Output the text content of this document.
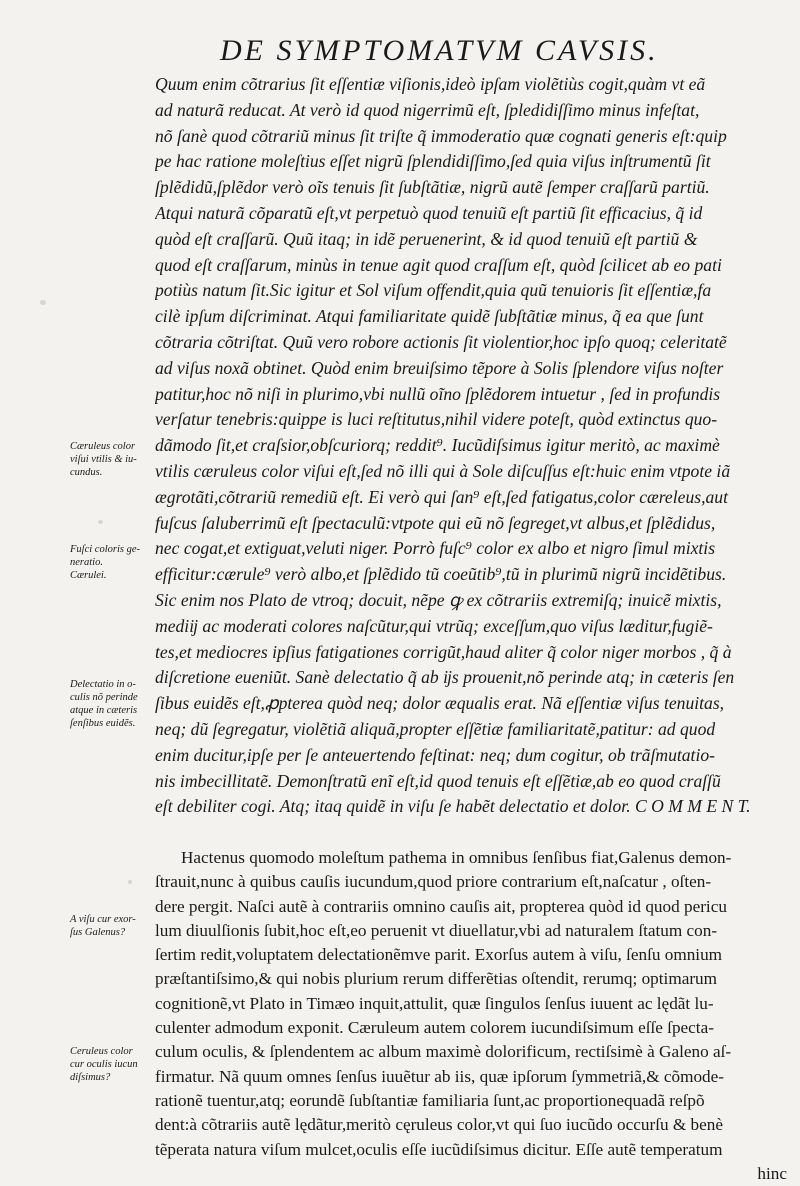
DE SYMPTOMATVM CAVSIS.
Quum enim cõtrarius ſit eſſentiæ viſionis,ideò ipſam violẽtiùs cogit,quàm vt eã
ad naturã reducat. At verò id quod nigerrimũ eſt, ſpledidiſſimo minus infeſtat,
nõ ſanè quod cõtrariũ minus ſit triſte q̃ immoderatio quæ cognati generis eſt:quip
pe hac ratione moleſtius eſſet nigrũ ſplendidiſſimo,ſed quia viſus inſtrumentũ ſit
ſplẽdidũ,ſplẽdor verò oĩs tenuis ſit ſubſtãtiæ, nigrũ autẽ ſemper craſſarũ partiũ.
Atqui naturã cõparatũ eſt,vt perpetuò quod tenuiũ eſt partiũ ſit efficacius, q̃ id
quòd eſt craſſarũ. Quũ itaq; in idẽ peruenerint, & id quod tenuiũ eſt partiũ &
quod eſt craſſarum, minùs in tenue agit quod craſſum eſt, quòd ſcilicet ab eo pati
potiùs natum ſit.Sic igitur et Sol viſum offendit,quia quũ tenuioris ſit eſſentiæ,fa
cilè ipſum diſcriminat. Atqui familiaritate quidẽ ſubſtãtiæ minus, q̃ ea que ſunt
cõtraria cõtriſtat. Quũ vero robore actionis ſit violentior,hoc ipſo quoq; celeritatẽ
ad viſus noxã obtinet. Quòd enim breuiſsimo tẽpore à Solis ſplendore viſus noſter
patitur,hoc nõ niſi in plurimo,vbi nullũ oĩno ſplẽdorem intuetur , ſed in profundis
verſatur tenebris:quippe is luci reſtitutus,nihil videre poteſt, quòd extinctus quo-
dãmodo ſit,et craſsior,obſcuriorq; reddit⁹. Iucũdiſsimus igitur meritò, ac maximè
vtilis cæruleus color viſui eſt,ſed nõ illi qui à Sole diſcuſſus eſt:huic enim vtpote iã
ægrotãti,cõtrariũ remediũ eſt. Ei verò qui ſan⁹ eſt,ſed fatigatus,color cæreleus,aut
fuſcus ſaluberrimũ eſt ſpectaculũ:vtpote qui eũ nõ ſegreget,vt albus,et ſplẽdidus,
nec cogat,et extiguat,veluti niger. Porrò fuſc⁹ color ex albo et nigro ſimul mixtis
efficitur:cærule⁹ verò albo,et ſplẽdido tũ coeũtib⁹,tũ in plurimũ nigrũ incidẽtibus.
Sic enim nos Plato de vtroq; docuit, nẽpe ꝙ ex cõtrariis extremiſq; inuicẽ mixtis,
mediĳ ac moderati colores naſcũtur,qui vtrũq; exceſſum,quo viſus læditur,fugiẽ-
tes,et mediocres ipſius fatigationes corrigũt,haud aliter q̃ color niger morbos , q̃ à
diſcretione eueniũt. Sanè delectatio q̃ ab ĳs prouenit,nõ perinde atq; in cæteris ſen
ſibus euidẽs eſt,ꝓpterea quòd neq; dolor æqualis erat. Nã eſſentiæ viſus tenuitas,
neq; dũ ſegregatur, violẽtiã aliquã,propter eſſẽtiæ familiaritatẽ,patitur: ad quod
enim ducitur,ipſe per ſe anteuertendo feſtinat: neq; dum cogitur, ob trãſmutatio-
nis imbecillitatẽ. Demonſtratũ enĩ eſt,id quod tenuis eſt eſſẽtiæ,ab eo quod craſſũ
eſt debiliter cogi. Atq; itaq quidẽ in viſu ſe habẽt delectatio et dolor. C O M M E N T.
Hactenus quomodo moleſtum pathema in omnibus ſenſibus fiat,Galenus demon-
ſtrauit,nunc à quibus cauſis iucundum,quod priore contrarium eſt,naſcatur , oſten-
dere pergit. Naſci autẽ à contrariis omnino cauſis ait, propterea quòd id quod pericu
lum diuulſionis ſubit,hoc eſt,eo peruenit vt diuellatur,vbi ad naturalem ſtatum con-
ſertim redit,voluptatem delectationẽmve parit. Exorſus autem à viſu, ſenſu omnium
præſtantiſsimo,& qui nobis plurium rerum differẽtias oſtendit, rerumq; optimarum
cognitionẽ,vt Plato in Timæo inquit,attulit, quæ ſingulos ſenſus iuuent ac lędãt lu-
culenter admodum exponit. Cæruleum autem colorem iucundiſsimum eſſe ſpecta-
culum oculis, & ſplendentem ac album maximè dolorificum, rectiſsimè à Galeno aſ-
firmatur. Nã quum omnes ſenſus iuuẽtur ab iis, quæ ipſorum ſymmetriã,& cõmode-
rationẽ tuentur,atq; eorundẽ ſubſtantiæ familiaria ſunt,ac proportionequadã reſpõ
dent:à cõtrariis autẽ lędãtur,meritò cęruleus color,vt qui ſuo iucũdo occurſu & benè
tẽperata natura viſum mulcet,oculis eſſe iucũdiſsimus dicitur. Eſſe autẽ temperatum
hinc
Cæruleus color
viſui vtilis & iu-
cundus.
Fuſci coloris ge-
neratio.
Cærulei.
Delectatio in o-
culis nõ perinde
atque in cæteris
ſenſibus euidẽs.
A viſu cur exor-
ſus Galenus?
Ceruleus color
cur oculis iucun
diſsimus?
